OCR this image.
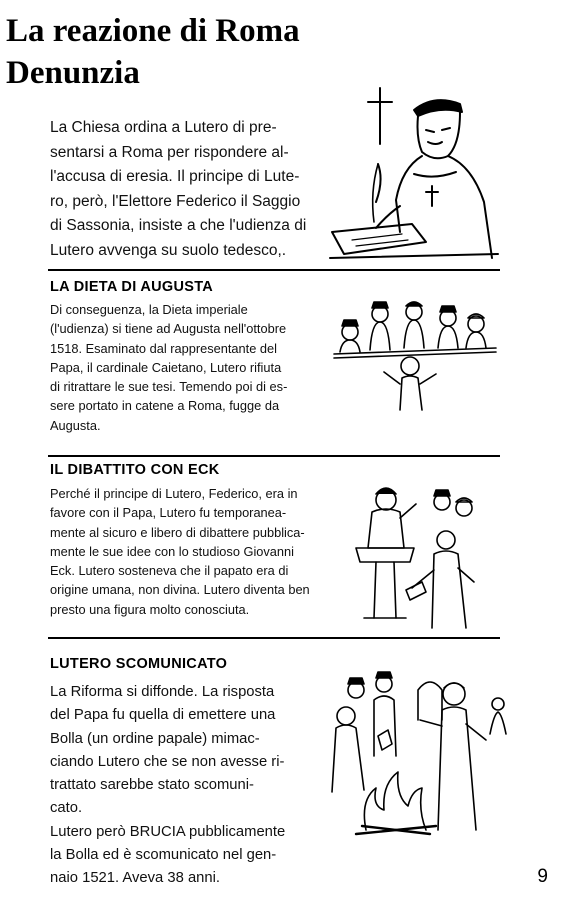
La reazione di Roma
Denunzia

La Chiesa ordina a Lutero di pre-
sentarsi a Roma per rispondere al-
l'accusa di eresia. Il principe di Lute-
ro, però, l'Elettore Federico il Saggio
di Sassonia, insiste a che l'udienza di
Lutero avvenga su suolo tedesco,.

LA DIETA DI AUGUSTA

Di conseguenza, la Dieta imperiale
(l'udienza) si tiene ad Augusta nell'ottobre
1518. Esaminato dal rappresentante del
Papa, il cardinale Caietano, Lutero rifiuta
di ritrattare le sue tesi. Temendo poi di es-
sere portato in catene a Roma, fugge da
Augusta.

IL DIBATTITO CON ECK

Perché il principe di Lutero, Federico, era in
favore con il Papa, Lutero fu temporanea-
mente al sicuro e libero di dibattere pubblica-
mente le sue idee con lo studioso Giovanni
Eck. Lutero sosteneva che il papato era di
origine umana, non divina. Lutero diventa ben
presto una figura molto conosciuta.

LUTERO SCOMUNICATO

La Riforma si diffonde. La risposta
del Papa fu quella di emettere una
Bolla (un ordine papale) mimac-
ciando Lutero che se non avesse ri-
trattato sarebbe stato scomuni-
cato.
Lutero però BRUCIA pubblicamente
la Bolla ed è scomunicato nel gen-
naio 1521. Aveva 38 anni.	9
